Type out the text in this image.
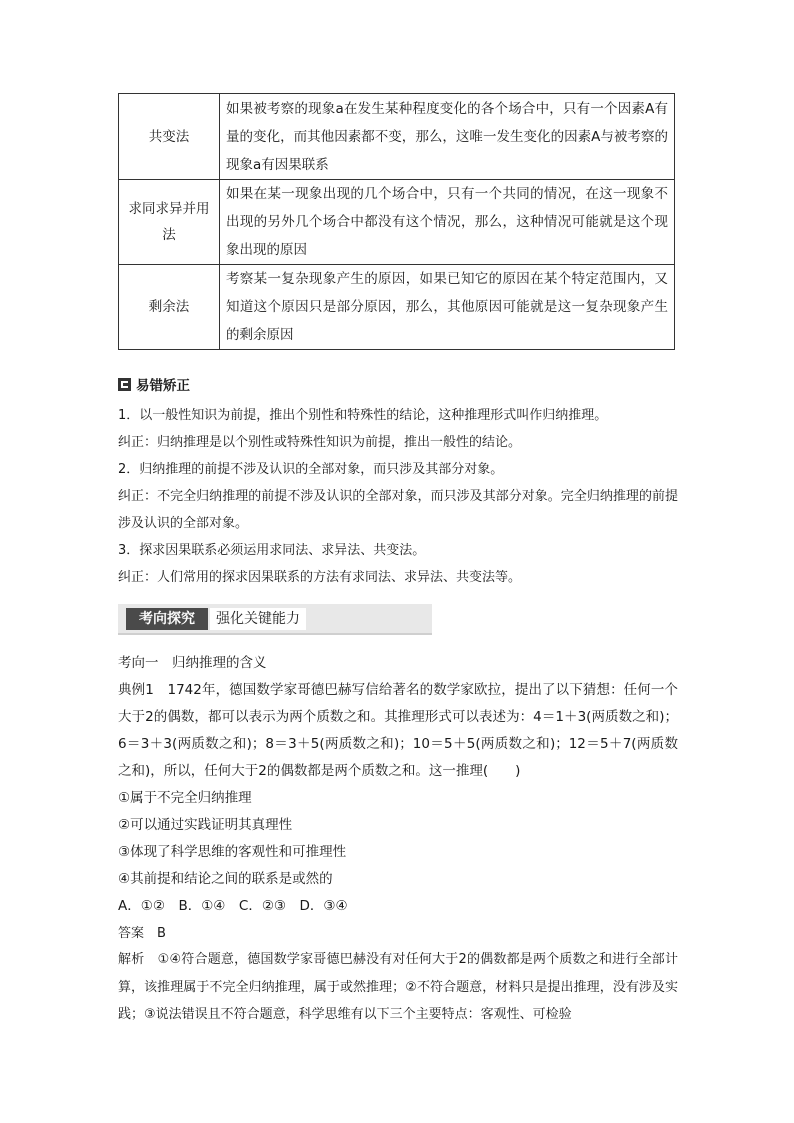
共变法	如果被考察的现象a在发生某种程度变化的各个场合中，只有一个因素A有量的变化，而其他因素都不变，那么，这唯一发生变化的因素A与被考察的现象a有因果联系
求同求异并用法	如果在某一现象出现的几个场合中，只有一个共同的情况，在这一现象不出现的另外几个场合中都没有这个情况，那么，这种情况可能就是这个现象出现的原因
剩余法	考察某一复杂现象产生的原因，如果已知它的原因在某个特定范围内，又知道这个原因只是部分原因，那么，其他原因可能就是这一复杂现象产生的剩余原因
易错矫正

1．以一般性知识为前提，推出个别性和特殊性的结论，这种推理形式叫作归纳推理。

纠正：归纳推理是以个别性或特殊性知识为前提，推出一般性的结论。

2．归纳推理的前提不涉及认识的全部对象，而只涉及其部分对象。

纠正：不完全归纳推理的前提不涉及认识的全部对象，而只涉及其部分对象。完全归纳推理的前提涉及认识的全部对象。

3．探求因果联系必须运用求同法、求异法、共变法。

纠正：人们常用的探求因果联系的方法有求同法、求异法、共变法等。

考向探究	强化关键能力

考向一　归纳推理的含义

典例1　1742年，德国数学家哥德巴赫写信给著名的数学家欧拉，提出了以下猜想：任何一个大于2的偶数，都可以表示为两个质数之和。其推理形式可以表述为：4＝1＋3(两质数之和)；6＝3＋3(两质数之和)；8＝3＋5(两质数之和)；10＝5＋5(两质数之和)；12＝5＋7(两质数之和)，所以，任何大于2的偶数都是两个质数之和。这一推理(　　)

①属于不完全归纳推理

②可以通过实践证明其真理性

③体现了科学思维的客观性和可推理性

④其前提和结论之间的联系是或然的

A．①②　B．①④　C．②③　D．③④

答案　B

解析　①④符合题意，德国数学家哥德巴赫没有对任何大于2的偶数都是两个质数之和进行全部计算，该推理属于不完全归纳推理，属于或然推理；②不符合题意，材料只是提出推理，没有涉及实践；③说法错误且不符合题意，科学思维有以下三个主要特点：客观性、可检验
